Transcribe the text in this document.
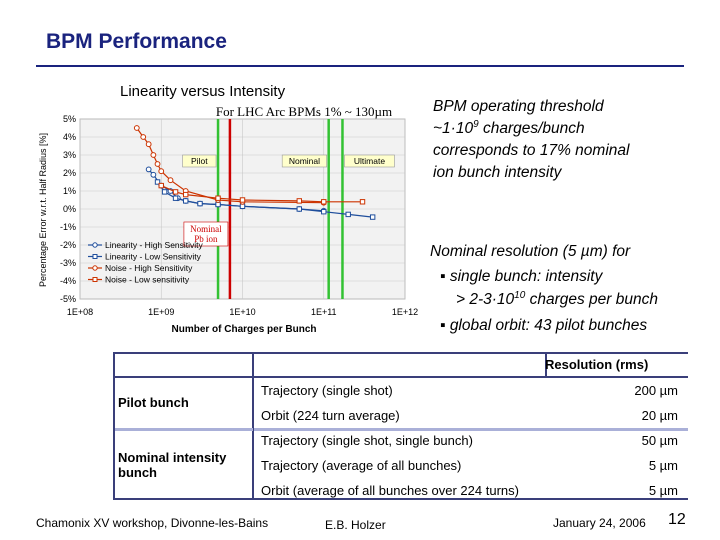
BPM Performance
Linearity versus Intensity
Pilot	Nominal	Ultimate
Nominal
Pb ion
5%
4%
3%
2%
1%
0%
-1%
-2%
-3%
-4%
-5%
1E+08	1E+09	1E+10	1E+11	1E+12
For LHC Arc BPMs 1% ~ 130µm
Number of Charges per Bunch
Percentage Error w.r.t. Half Radius [%]	Linearity - High Sensitivity
Linearity - Low Sensitivity
Noise - High Sensitivity
Noise - Low sensitivity
BPM operating threshold
$\sim 1\cdot 10^9$ charges/bunch
corresponds to 17% nominal
ion bunch intensity
Nominal resolution (5 µm) for
▪ single bunch: intensity
> $2-3\cdot 10^{10}$ charges per bunch
▪ global orbit: 43 pilot bunches
Resolution (rms)
Pilot bunch
Nominal intensity bunch
Trajectory (single shot)	200 µm
Orbit (224 turn average)	20 µm
Trajectory (single shot, single bunch)	50 µm
Trajectory (average of all bunches)	5 µm
Orbit (average of all bunches over 224 turns)	5 µm
Chamonix XV workshop, Divonne-les-Bains	E.B. Holzer	January 24, 2006 12
